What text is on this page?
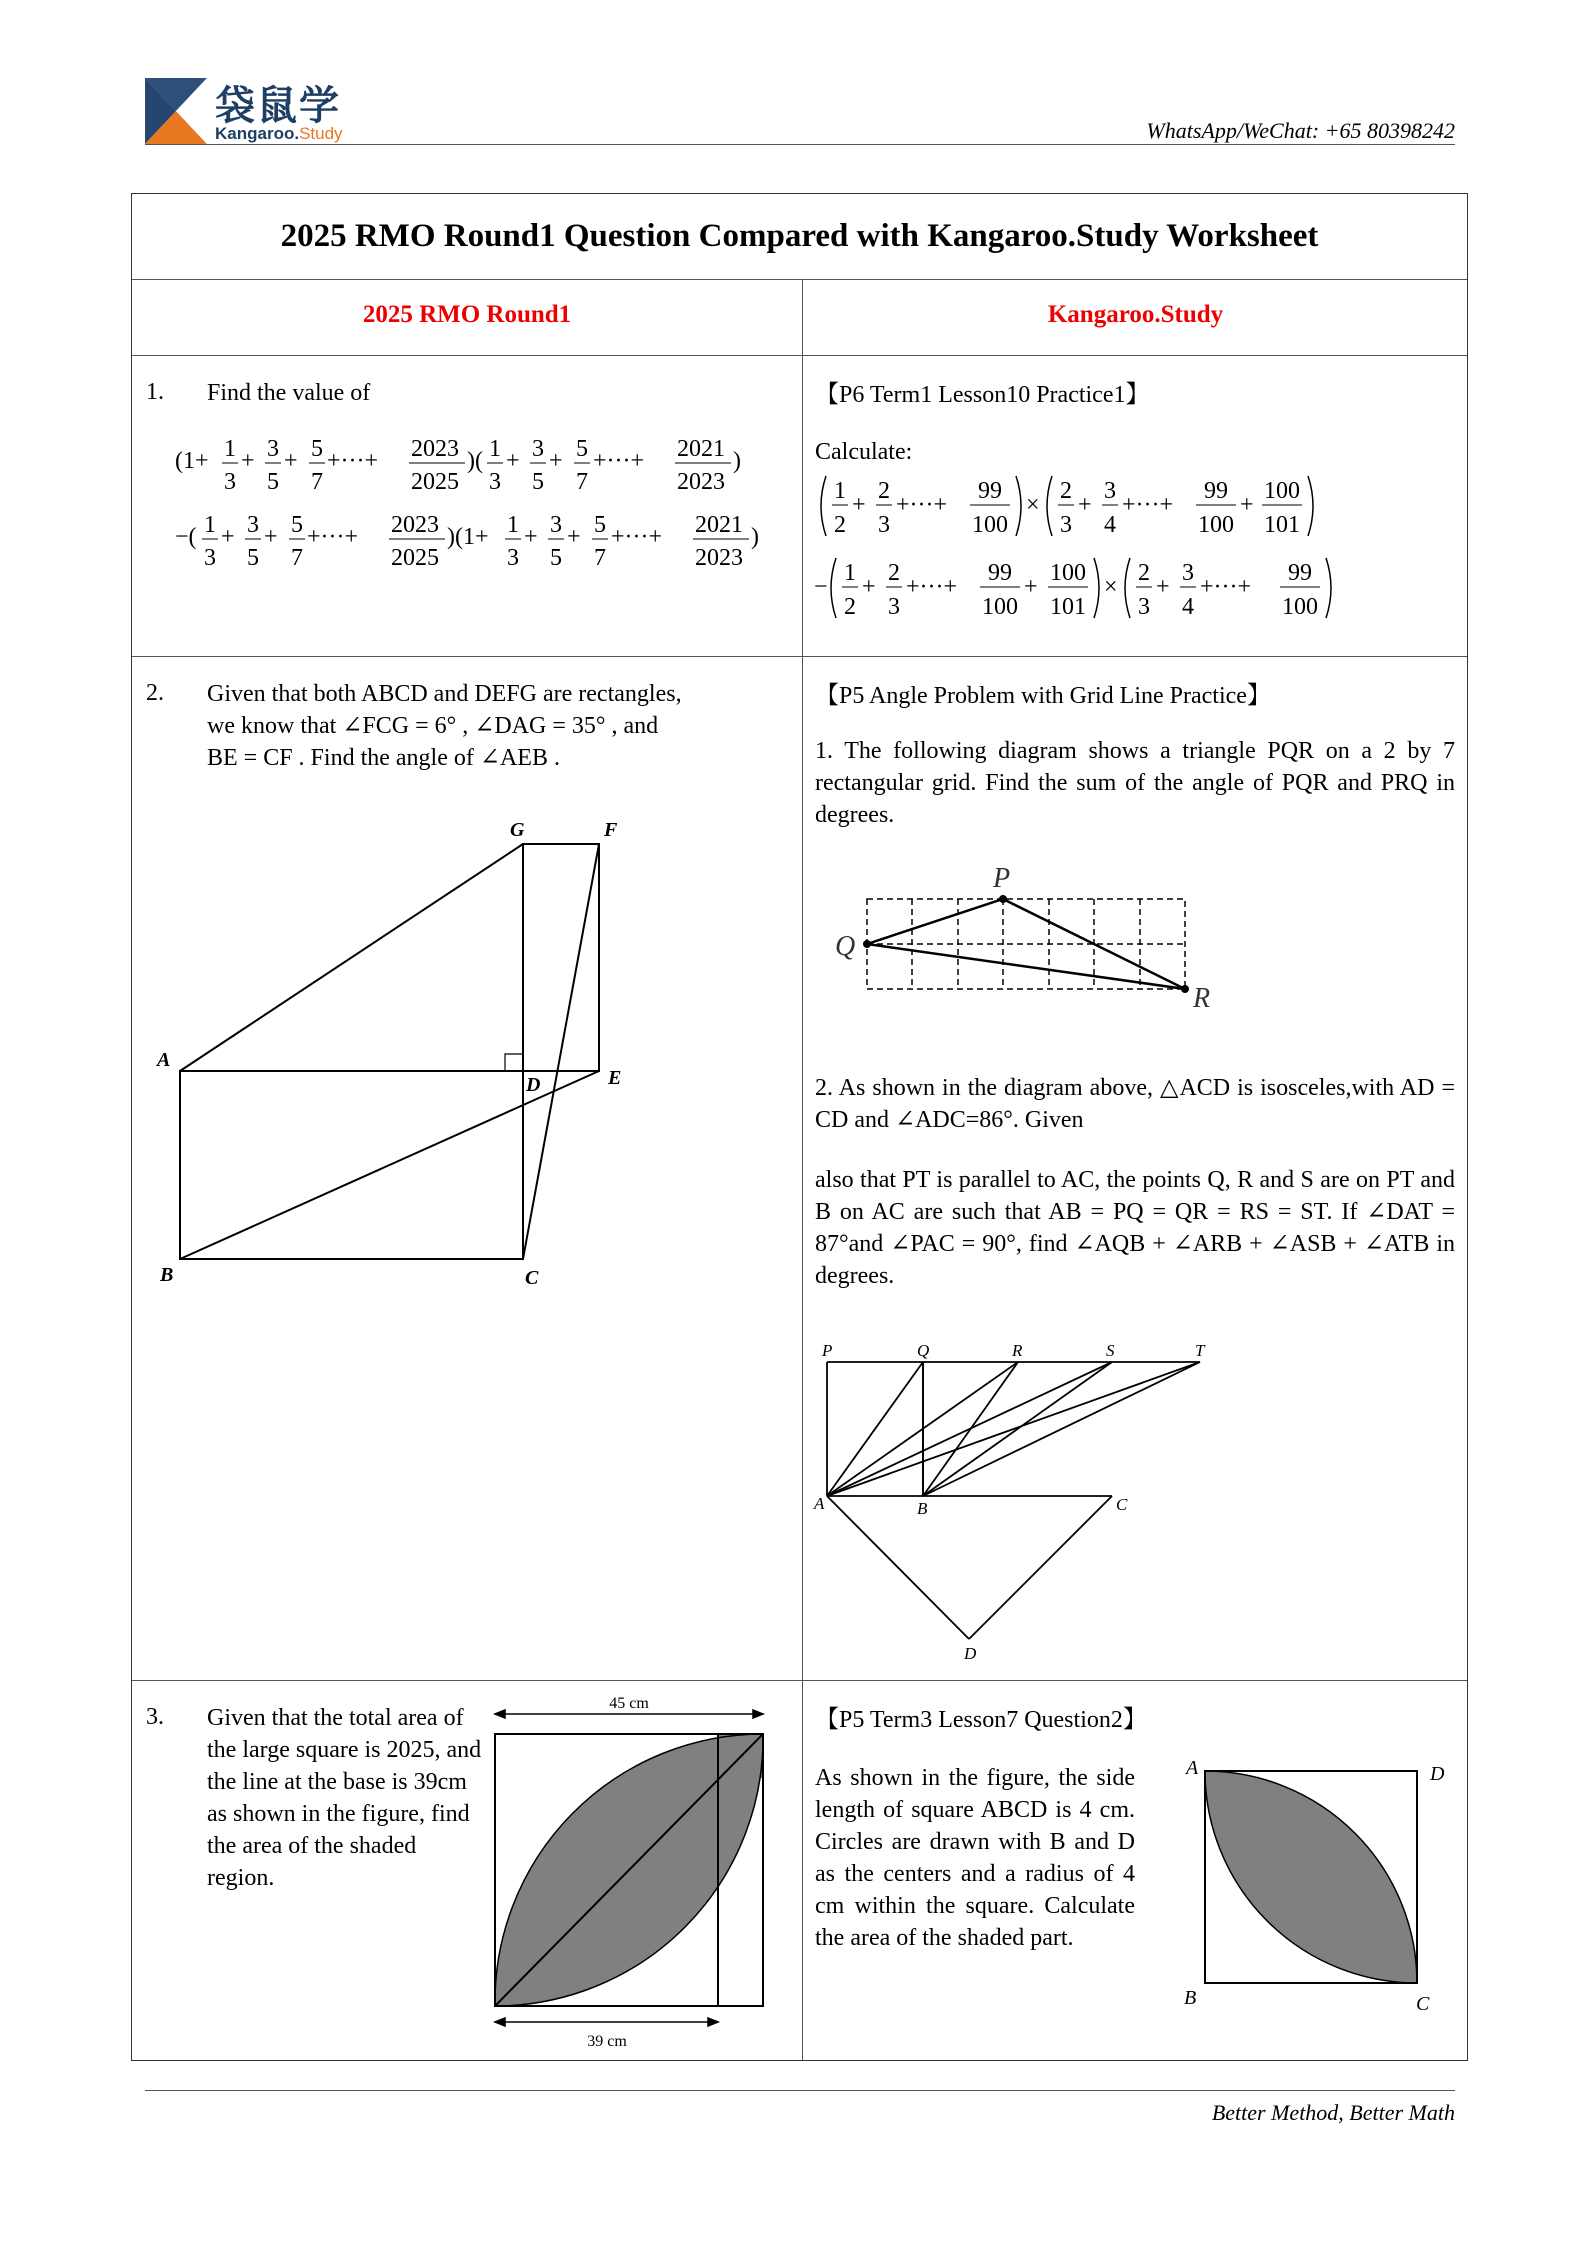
袋鼠学
Kangaroo.Study	WhatsApp/WeChat: +65 80398242
2025 RMO Round1 Question Compared with Kangaroo.Study Worksheet
2025 RMO Round1	Kangaroo.Study
1. Find the value of
(1+ 1
3
+ 3
5
+ 5
7
+···+ 2023
2025
)( 1
3
+ 3
5
+ 5
7
+···+ 2021
2023
)
−( 1
3
+ 3
5
+ 5
7
+···+ 2023
2025
)(1+ 1
3
+ 3
5
+ 5
7
+···+ 2021
2023
)
【P6 Term1 Lesson10 Practice1】
Calculate:
1
2
+
2
3
+···+
99
100
×
2
3
+
3
4
+···+
99
100
+
100
101
−
1
2
+
2
3
+···+
99
100
+
100
101
×
2
3
+
3
4
+···+
99
100
2. Given that both ABCD and DEFG are rectangles,
we know that ∠FCG = 6° , ∠DAG = 35° , and
BE = CF . Find the angle of ∠AEB .
G	F
A
D	E
B	C
【P5 Angle Problem with Grid Line Practice】
1. The following diagram shows a triangle PQR on a 2 by 7 rectangular grid. Find the sum of the angle of PQR and PRQ in degrees.
P
Q
R
2. As shown in the diagram above, △ACD is isosceles,with AD = CD and ∠ADC=86°. Given
also that PT is parallel to AC, the points Q, R and S are on PT and B on AC are such that AB = PQ = QR = RS = ST. If ∠DAT = 87°and ∠PAC = 90°, find ∠AQB + ∠ARB + ∠ASB + ∠ATB in degrees.
P	Q	R	S	T
A	B	C
D
3. Given that the total area of the large square is 2025, and the line at the base is 39cm as shown in the figure, find the area of the shaded region.
45 cm
39 cm
【P5 Term3 Lesson7 Question2】
As shown in the figure, the side length of square ABCD is 4 cm. Circles are drawn with B and D as the centers and a radius of 4 cm within the square. Calculate the area of the shaded part.
A	D
B	C
Better Method, Better Math
